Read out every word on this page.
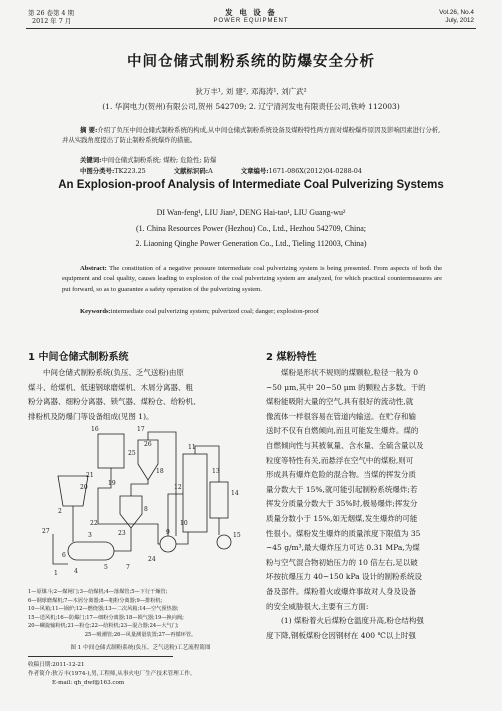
第 26 卷第 4 期
2012 年 7 月
发 电 设 备
POWER EQUIPMENT
Vol.26, No.4
July, 2012
中间仓储式制粉系统的防爆安全分析
狄万丰¹, 刘 建², 邓海涛¹, 刘广武²
(1. 华润电力(贺州)有限公司,贺州 542709; 2. 辽宁清河发电有限责任公司,铁岭 112003)
摘 要:介绍了负压中间仓储式制粉系统的构成,从中间仓储式制粉系统设备及煤粉特性两方面对煤粉爆炸原因及影响因素进行分析,并从实践角度提出了防止制粉系统爆炸的措施。
关键词:中间仓储式制粉系统; 煤粉; 危险性; 防爆
中图分类号:TK223.25	文献标识码:A	文章编号:1671-086X(2012)04-0288-04
An Explosion-proof Analysis of Intermediate Coal Pulverizing Systems
DI Wan-feng¹, LIU Jian², DENG Hai-tao¹, LIU Guang-wu²
(1. China Resources Power (Hezhou) Co., Ltd., Hezhou 542709, China;
2. Liaoning Qinghe Power Generation Co., Ltd., Tieling 112003, China)
Abstract: The constitution of a negative pressure intermediate coal pulverizing system is being presented. From aspects of both the equipment and coal quality, causes leading to explosion of the coal pulverizing system are analyzed, for which practical countermeasures are put forward, so as to guarantee a safety operation of the pulverizing system.
Keywords:intermediate coal pulverizing system; pulverized coal; danger; explosion-proof
1 中间仓储式制粉系统
中间仓储式制粉系统(负压、乏气送粉)由原
煤斗、给煤机、低速钢球磨煤机、木屑分离器、粗
粉分离器、细粉分离器、锁气器、煤粉仓、给粉机、
排粉机及防爆门等设备组成(见图 1)。
16	17
26
25
18
11
13
14
12
10
15
21
20
19
9
22
27
8
24
2
23
3
7
6
5
4
1
1—原煤斗;2—煤闸门;3—给煤机;4—落煤管;5—下行干燥管;
6—钢球磨煤机;7—木屑分离器;8—粗粉分离器;9—排粉机;
10—风箱;11—锅炉;12—燃烧器;13—二次风箱;14—空气预热器;
15—送风机;16—防爆门;17—细粉分离器;18—锁气器;19—换向阀;
20—螺旋输粉机;21—粉仓;22—给粉机;23—混合器;24—大气门;
25—吸潮管;26—风量测量装置;27—再循环管。
图 1 中间仓储式制粉系统(负压、乏气送粉)工艺流程简图
2 煤粉特性
煤粉是形状不规则的煤颗粒,粒径一般为 0
~50 μm,其中 20~50 μm 的颗粒占多数。干的
煤粉能吸附大量的空气,具有很好的流动性,就
像流体一样很容易在管道内输送。在贮存和输
送时不仅有自燃倾向,而且可能发生爆炸。煤的
自燃倾向性与其被氧量、含水量、全硫含量以及
粒度等特性有关,而悬浮在空气中的煤粉,则可
形成具有爆炸危险的混合物。当煤的挥发分质
量分数大于 15%,就可能引起制粉系统爆炸;若
挥发分质量分数大于 35%时,极易爆炸;挥发分
质量分数小于 15%,如无烟煤,发生爆炸的可能
性很小。煤粉发生爆炸的质量浓度下限值为 35
~45 g/m³,最大爆炸压力可达 0.31 MPa,为煤
粉与空气混合物初始压力的 10 倍左右,足以破
坏按抗爆压力 40~150 kPa 设计的制粉系统设
备及部件。煤粉着火或爆炸事故对人身及设备
的安全威胁很大,主要有三方面:
(1) 煤粉着火后煤粉仓温度升高,粉仓结构强
度下降,钢板煤粉仓因钢材在 400 ℃以上时强
收稿日期:2011-12-21
作者简介:狄万丰(1974-),男,工程师,从事火电厂生产技术管理工作。
E-mail: qh_dwf@163.com
